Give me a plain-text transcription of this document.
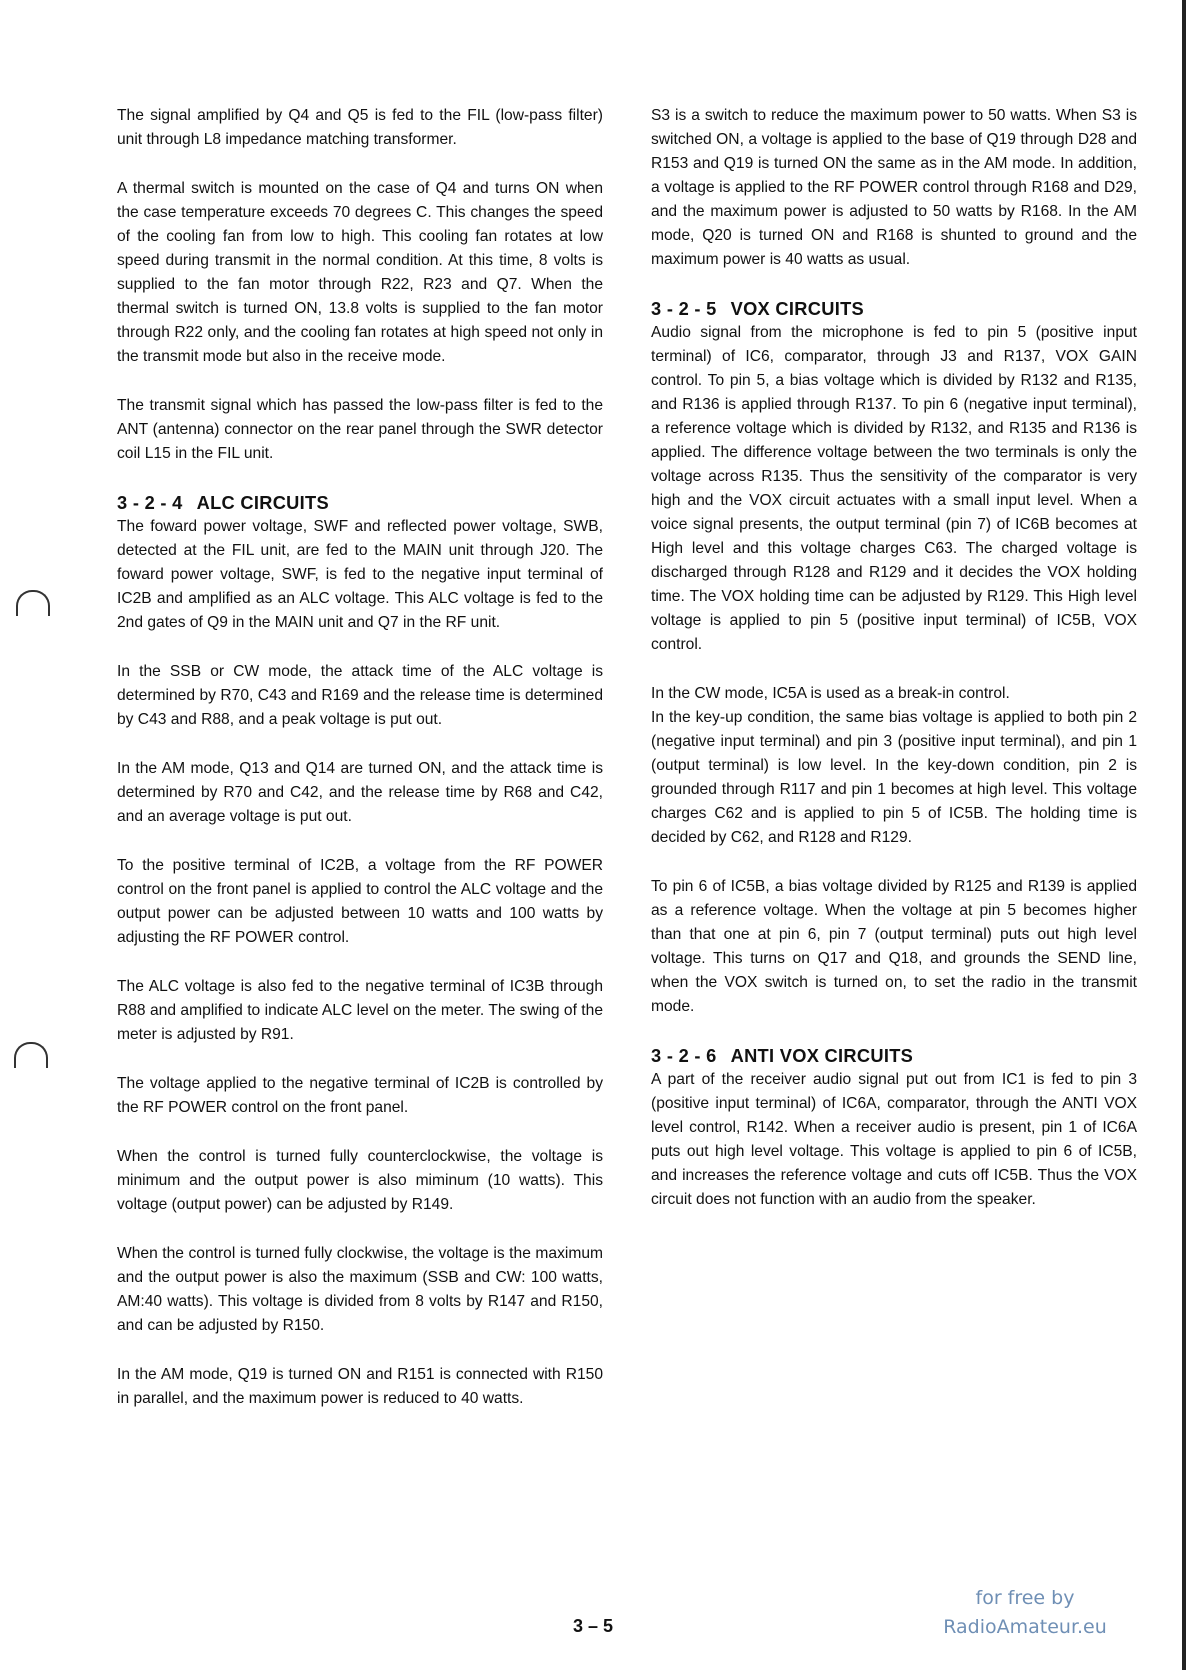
The signal amplified by Q4 and Q5 is fed to the FIL (low-pass filter) unit through L8 impedance matching transformer.

A thermal switch is mounted on the case of Q4 and turns ON when the case temperature exceeds 70 degrees C. This changes the speed of the cooling fan from low to high. This cooling fan rotates at low speed during transmit in the normal condition. At this time, 8 volts is supplied to the fan motor through R22, R23 and Q7. When the thermal switch is turned ON, 13.8 volts is supplied to the fan motor through R22 only, and the cooling fan rotates at high speed not only in the transmit mode but also in the receive mode.

The transmit signal which has passed the low-pass filter is fed to the ANT (antenna) connector on the rear panel through the SWR detector coil L15 in the FIL unit.

3 - 2 - 4 ALC CIRCUITS

The foward power voltage, SWF and reflected power voltage, SWB, detected at the FIL unit, are fed to the MAIN unit through J20. The foward power voltage, SWF, is fed to the negative input terminal of IC2B and amplified as an ALC voltage. This ALC voltage is fed to the 2nd gates of Q9 in the MAIN unit and Q7 in the RF unit.

In the SSB or CW mode, the attack time of the ALC voltage is determined by R70, C43 and R169 and the release time is determined by C43 and R88, and a peak voltage is put out.

In the AM mode, Q13 and Q14 are turned ON, and the attack time is determined by R70 and C42, and the release time by R68 and C42, and an average voltage is put out.

To the positive terminal of IC2B, a voltage from the RF POWER control on the front panel is applied to control the ALC voltage and the output power can be adjusted between 10 watts and 100 watts by adjusting the RF POWER control.

The ALC voltage is also fed to the negative terminal of IC3B through R88 and amplified to indicate ALC level on the meter. The swing of the meter is adjusted by R91.

The voltage applied to the negative terminal of IC2B is controlled by the RF POWER control on the front panel.

When the control is turned fully counterclockwise, the voltage is minimum and the output power is also miminum (10 watts). This voltage (output power) can be adjusted by R149.

When the control is turned fully clockwise, the voltage is the maximum and the output power is also the maximum (SSB and CW: 100 watts, AM:40 watts). This voltage is divided from 8 volts by R147 and R150, and can be adjusted by R150.

In the AM mode, Q19 is turned ON and R151 is connected with R150 in parallel, and the maximum power is reduced to 40 watts.

S3 is a switch to reduce the maximum power to 50 watts. When S3 is switched ON, a voltage is applied to the base of Q19 through D28 and R153 and Q19 is turned ON the same as in the AM mode. In addition, a voltage is applied to the RF POWER control through R168 and D29, and the maximum power is adjusted to 50 watts by R168. In the AM mode, Q20 is turned ON and R168 is shunted to ground and the maximum power is 40 watts as usual.

3 - 2 - 5 VOX CIRCUITS

Audio signal from the microphone is fed to pin 5 (positive input terminal) of IC6, comparator, through J3 and R137, VOX GAIN control. To pin 5, a bias voltage which is divided by R132 and R135, and R136 is applied through R137. To pin 6 (negative input terminal), a reference voltage which is divided by R132, and R135 and R136 is applied. The difference voltage between the two terminals is only the voltage across R135. Thus the sensitivity of the comparator is very high and the VOX circuit actuates with a small input level. When a voice signal presents, the output terminal (pin 7) of IC6B becomes at High level and this voltage charges C63. The charged voltage is discharged through R128 and R129 and it decides the VOX holding time. The VOX holding time can be adjusted by R129. This High level voltage is applied to pin 5 (positive input terminal) of IC5B, VOX control.

In the CW mode, IC5A is used as a break-in control.

In the key-up condition, the same bias voltage is applied to both pin 2 (negative input terminal) and pin 3 (positive input terminal), and pin 1 (output terminal) is low level. In the key-down condition, pin 2 is grounded through R117 and pin 1 becomes at high level. This voltage charges C62 and is applied to pin 5 of IC5B. The holding time is decided by C62, and R128 and R129.

To pin 6 of IC5B, a bias voltage divided by R125 and R139 is applied as a reference voltage. When the voltage at pin 5 becomes higher than that one at pin 6, pin 7 (output terminal) puts out high level voltage. This turns on Q17 and Q18, and grounds the SEND line, when the VOX switch is turned on, to set the radio in the transmit mode.

3 - 2 - 6 ANTI VOX CIRCUITS

A part of the receiver audio signal put out from IC1 is fed to pin 3 (positive input terminal) of IC6A, comparator, through the ANTI VOX level control, R142. When a receiver audio is present, pin 1 of IC6A puts out high level voltage. This voltage is applied to pin 6 of IC5B, and increases the reference voltage and cuts off IC5B. Thus the VOX circuit does not function with an audio from the speaker.

3 – 5
for free by
RadioAmateur.eu
